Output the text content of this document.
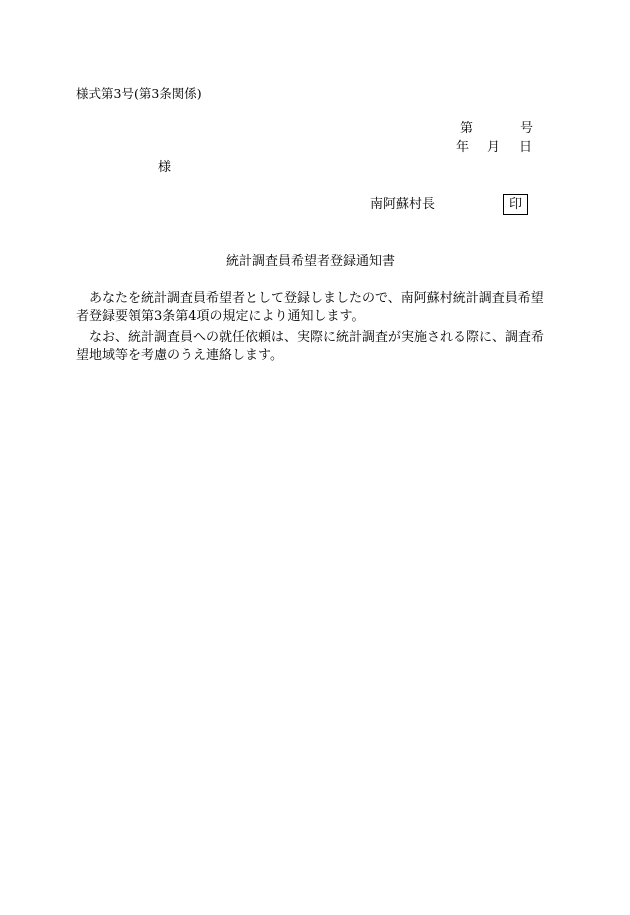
様式第3号(第3条関係)
第	号
年 月 日
様
南阿蘇村長	印
統計調査員希望者登録通知書
あなたを統計調査員希望者として登録しましたので、南阿蘇村統計調査員希望者登録要領第3条第4項の規定により通知します。
なお、統計調査員への就任依頼は、実際に統計調査が実施される際に、調査希望地域等を考慮のうえ連絡します。
